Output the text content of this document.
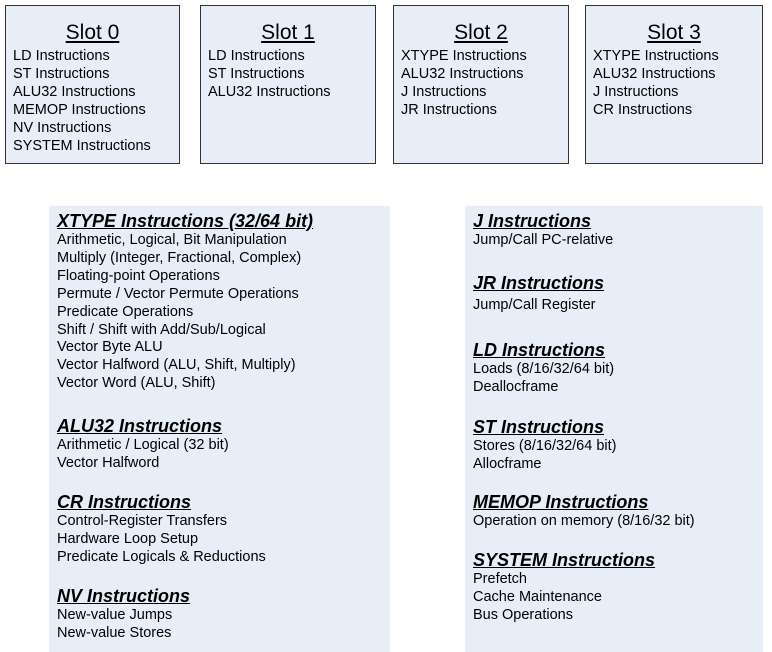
Slot 0
LD Instructions
ST Instructions
ALU32 Instructions
MEMOP Instructions
NV Instructions
SYSTEM Instructions
Slot 1
LD Instructions
ST Instructions
ALU32 Instructions
Slot 2
XTYPE Instructions
ALU32 Instructions
J Instructions
JR Instructions
Slot 3
XTYPE Instructions
ALU32 Instructions
J Instructions
CR Instructions
XTYPE Instructions (32/64 bit)
Arithmetic, Logical, Bit Manipulation
Multiply (Integer, Fractional, Complex)
Floating-point Operations
Permute / Vector Permute Operations
Predicate Operations
Shift / Shift with Add/Sub/Logical
Vector Byte ALU
Vector Halfword (ALU, Shift, Multiply)
Vector Word (ALU, Shift)
ALU32 Instructions
Arithmetic / Logical (32 bit)
Vector Halfword
CR Instructions
Control-Register Transfers
Hardware Loop Setup
Predicate Logicals & Reductions
NV Instructions
New-value Jumps
New-value Stores
J Instructions
Jump/Call PC-relative
JR Instructions
Jump/Call Register
LD Instructions
Loads (8/16/32/64 bit)
Deallocframe
ST Instructions
Stores (8/16/32/64 bit)
Allocframe
MEMOP Instructions
Operation on memory (8/16/32 bit)
SYSTEM Instructions
Prefetch
Cache Maintenance
Bus Operations
